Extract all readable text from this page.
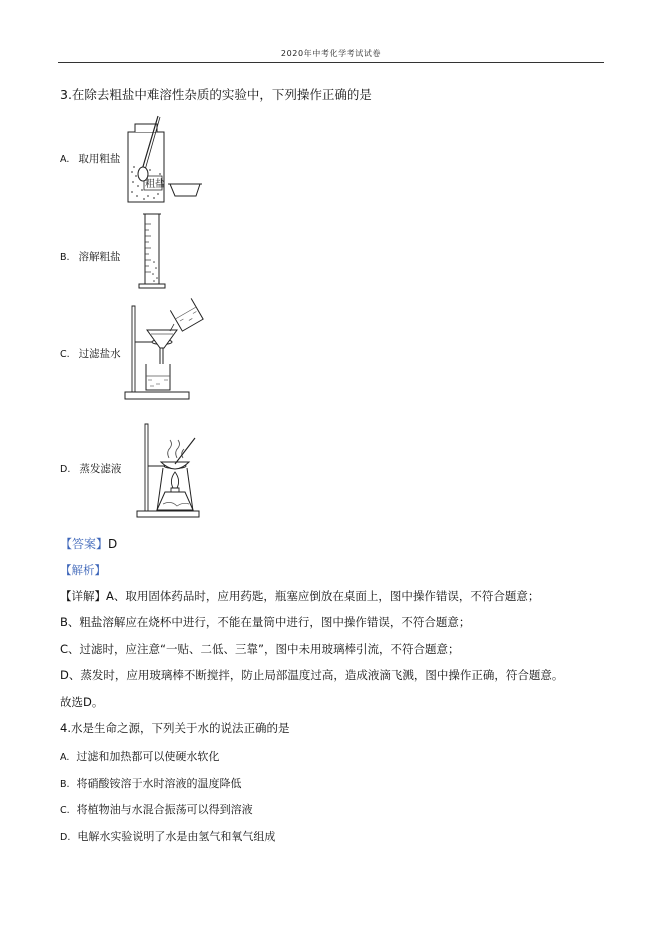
2020年中考化学考试试卷
3.在除去粗盐中难溶性杂质的实验中，下列操作正确的是
A. 取用粗盐
粗盐
B. 溶解粗盐
C. 过滤盐水
D. 蒸发滤液
【答案】D
【解析】
【详解】A、取用固体药品时，应用药匙，瓶塞应倒放在桌面上，图中操作错误，不符合题意；
B、粗盐溶解应在烧杯中进行，不能在量筒中进行，图中操作错误，不符合题意；
C、过滤时，应注意“一贴、二低、三靠”，图中未用玻璃棒引流，不符合题意；
D、蒸发时，应用玻璃棒不断搅拌，防止局部温度过高，造成液滴飞溅，图中操作正确，符合题意。
故选D。
4.水是生命之源，下列关于水的说法正确的是
A. 过滤和加热都可以使硬水软化
B. 将硝酸铵溶于水时溶液的温度降低
C. 将植物油与水混合振荡可以得到溶液
D. 电解水实验说明了水是由氢气和氧气组成
